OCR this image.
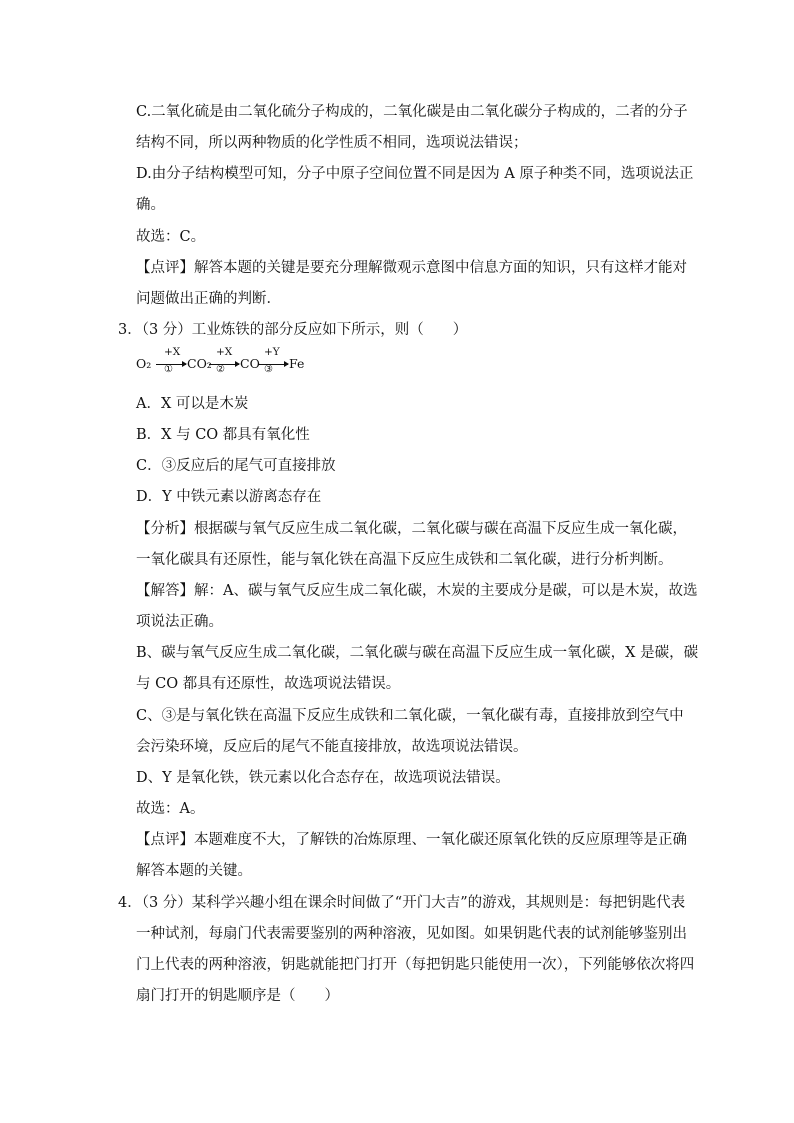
C.二氧化硫是由二氧化硫分子构成的，二氧化碳是由二氧化碳分子构成的，二者的分子
结构不同，所以两种物质的化学性质不相同，选项说法错误；
D.由分子结构模型可知，分子中原子空间位置不同是因为 A 原子种类不同，选项说法正
确。
故选：C。
【点评】解答本题的关键是要充分理解微观示意图中信息方面的知识，只有这样才能对
问题做出正确的判断．
3．（3 分）工业炼铁的部分反应如下所示，则（　　）
O₂
+X
① CO₂
+X
② CO
+Y
③ Fe
A．X 可以是木炭
B．X 与 CO 都具有氧化性
C．③反应后的尾气可直接排放
D．Y 中铁元素以游离态存在
【分析】根据碳与氧气反应生成二氧化碳，二氧化碳与碳在高温下反应生成一氧化碳，
一氧化碳具有还原性，能与氧化铁在高温下反应生成铁和二氧化碳，进行分析判断。
【解答】解：A、碳与氧气反应生成二氧化碳，木炭的主要成分是碳，可以是木炭，故选
项说法正确。
B、碳与氧气反应生成二氧化碳，二氧化碳与碳在高温下反应生成一氧化碳，X 是碳，碳
与 CO 都具有还原性，故选项说法错误。
C、③是与氧化铁在高温下反应生成铁和二氧化碳，一氧化碳有毒，直接排放到空气中
会污染环境，反应后的尾气不能直接排放，故选项说法错误。
D、Y 是氧化铁，铁元素以化合态存在，故选项说法错误。
故选：A。
【点评】本题难度不大，了解铁的冶炼原理、一氧化碳还原氧化铁的反应原理等是正确
解答本题的关键。
4．（3 分）某科学兴趣小组在课余时间做了“开门大吉”的游戏，其规则是：每把钥匙代表
一种试剂，每扇门代表需要鉴别的两种溶液，见如图。如果钥匙代表的试剂能够鉴别出
门上代表的两种溶液，钥匙就能把门打开（每把钥匙只能使用一次），下列能够依次将四
扇门打开的钥匙顺序是（　　）
